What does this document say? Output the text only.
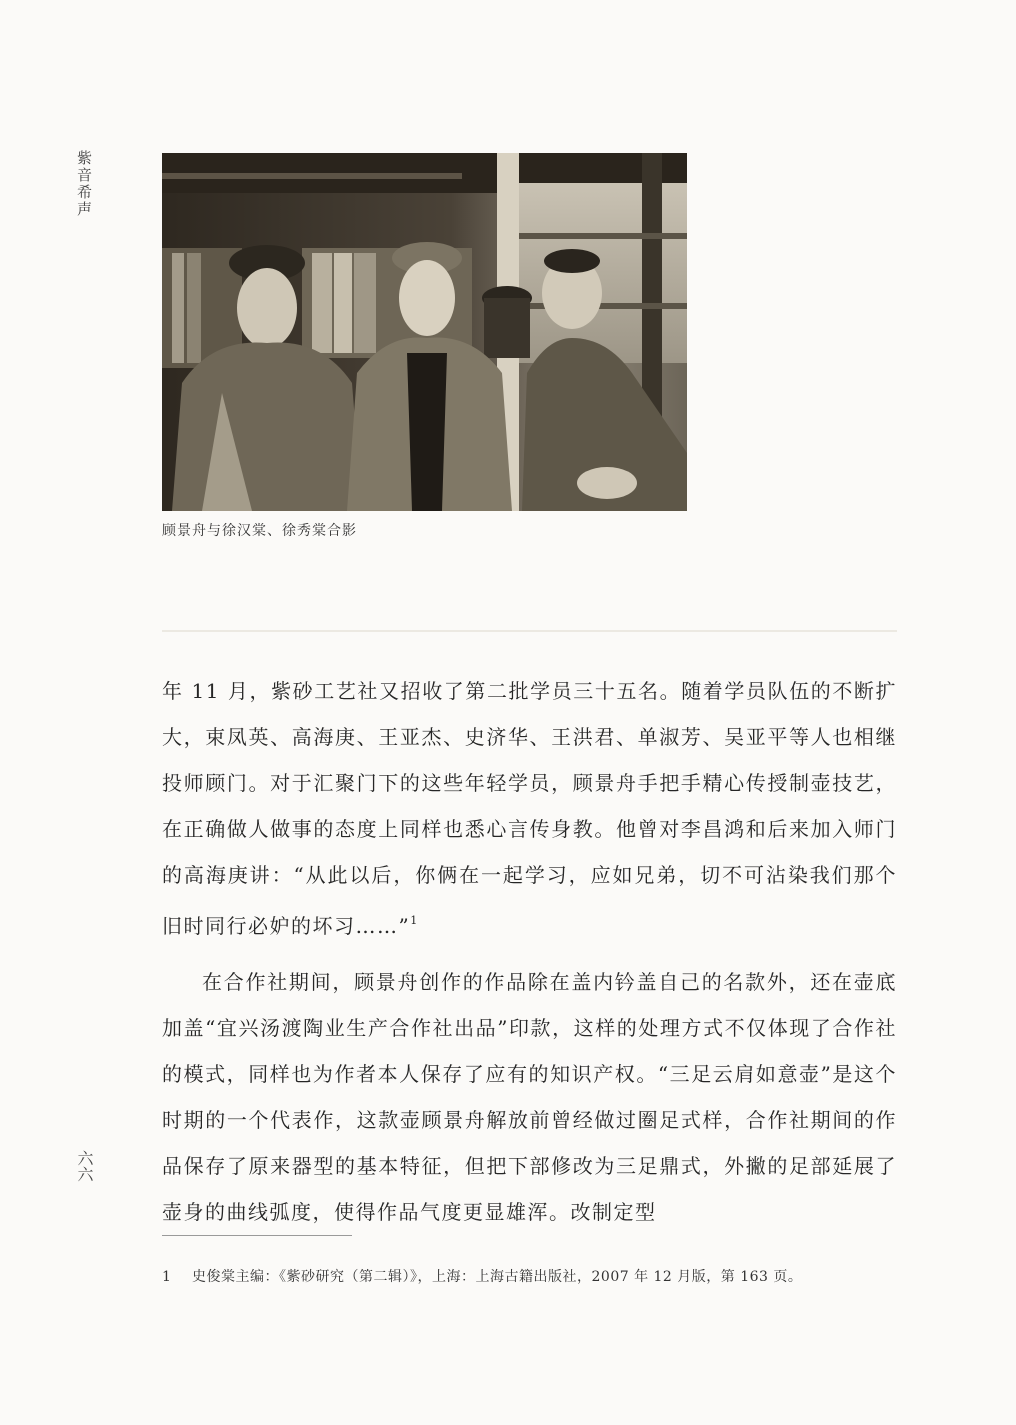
紫音希声
顾景舟与徐汉棠、徐秀棠合影

年 11 月，紫砂工艺社又招收了第二批学员三十五名。随着学员队伍的不断扩大，束凤英、高海庚、王亚杰、史济华、王洪君、单淑芳、吴亚平等人也相继投师顾门。对于汇聚门下的这些年轻学员，顾景舟手把手精心传授制壶技艺，在正确做人做事的态度上同样也悉心言传身教。他曾对李昌鸿和后来加入师门的高海庚讲：“从此以后，你俩在一起学习，应如兄弟，切不可沾染我们那个旧时同行必妒的坏习……”$^1$

在合作社期间，顾景舟创作的作品除在盖内钤盖自己的名款外，还在壶底加盖“宜兴汤渡陶业生产合作社出品”印款，这样的处理方式不仅体现了合作社的模式，同样也为作者本人保存了应有的知识产权。“三足云肩如意壶”是这个时期的一个代表作，这款壶顾景舟解放前曾经做过圈足式样，合作社期间的作品保存了原来器型的基本特征，但把下部修改为三足鼎式，外撇的足部延展了壶身的曲线弧度，使得作品气度更显雄浑。改制定型

六六
1 史俊棠主编：《紫砂研究（第二辑）》，上海：上海古籍出版社，2007 年 12 月版，第 163 页。
